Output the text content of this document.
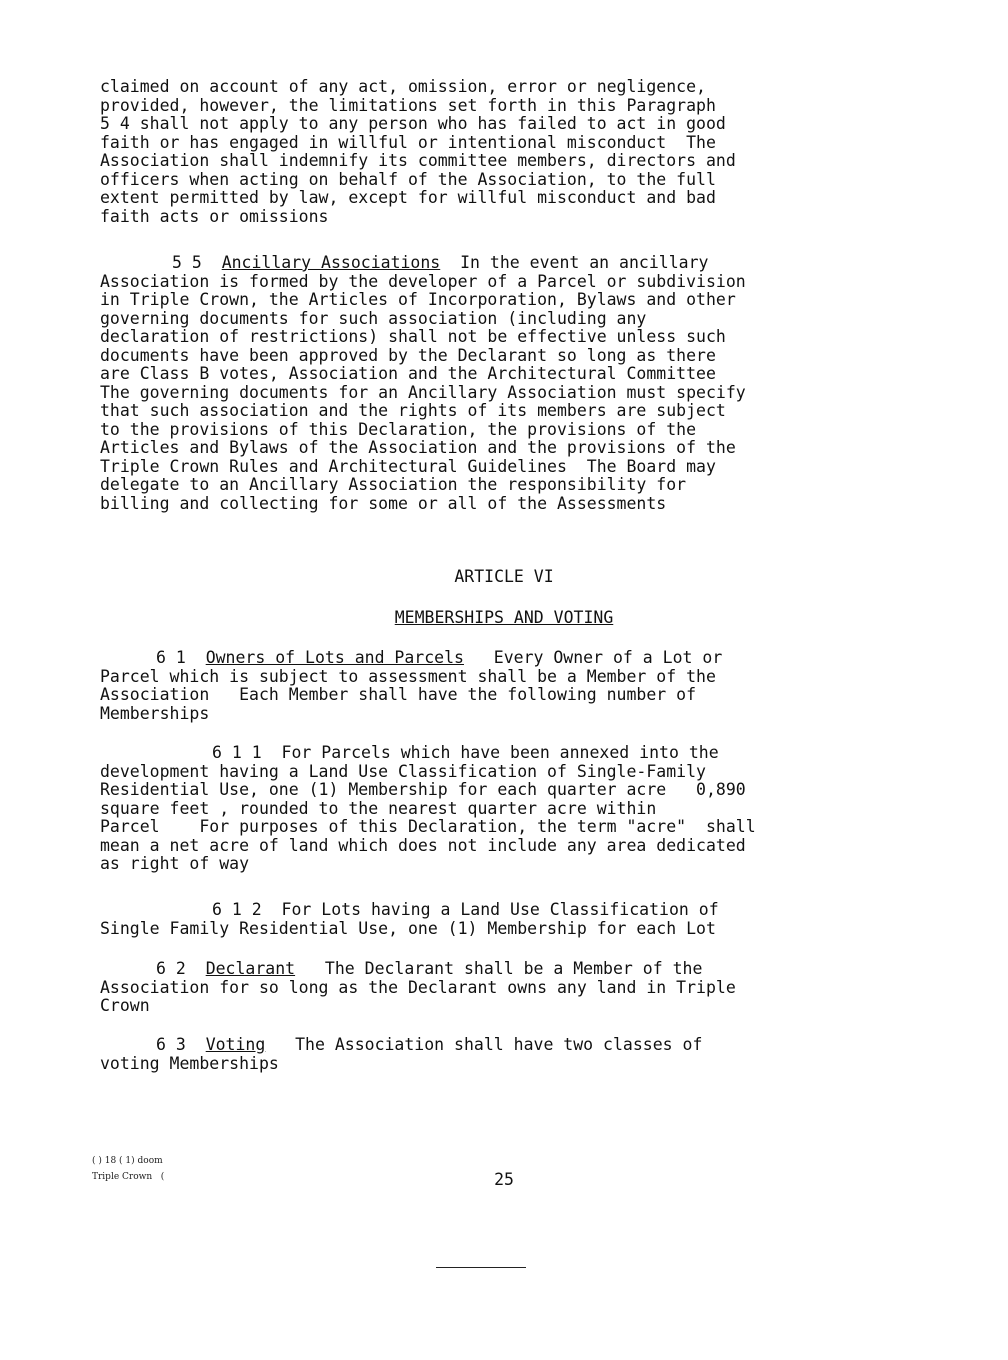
claimed on account of any act, omission, error or negligence,
provided, however, the limitations set forth in this Paragraph
5 4 shall not apply to any person who has failed to act in good
faith or has engaged in willful or intentional misconduct  The
Association shall indemnify its committee members, directors and
officers when acting on behalf of the Association, to the full
extent permitted by law, except for willful misconduct and bad
faith acts or omissions
5 5 Ancillary Associations  In the event an ancillary
Association is formed by the developer of a Parcel or subdivision
in Triple Crown, the Articles of Incorporation, Bylaws and other
governing documents for such association (including any
declaration of restrictions) shall not be effective unless such
documents have been approved by the Declarant so long as there
are Class B votes, Association and the Architectural Committee
The governing documents for an Ancillary Association must specify
that such association and the rights of its members are subject
to the provisions of this Declaration, the provisions of the
Articles and Bylaws of the Association and the provisions of the
Triple Crown Rules and Architectural Guidelines  The Board may
delegate to an Ancillary Association the responsibility for
billing and collecting for some or all of the Assessments
ARTICLE VI
MEMBERSHIPS AND VOTING
6 1 Owners of Lots and Parcels   Every Owner of a Lot or
Parcel which is subject to assessment shall be a Member of the
Association   Each Member shall have the following number of
Memberships
6 1 1  For Parcels which have been annexed into the
development having a Land Use Classification of Single-Family
Residential Use, one (1) Membership for each quarter acre   0,890
square feet , rounded to the nearest quarter acre within
Parcel    For purposes of this Declaration, the term "acre"  shall
mean a net acre of land which does not include any area dedicated
as right of way
6 1 2  For Lots having a Land Use Classification of
Single Family Residential Use, one (1) Membership for each Lot
6 2 Declarant   The Declarant shall be a Member of the
Association for so long as the Declarant owns any land in Triple
Crown
6 3 Voting   The Association shall have two classes of
voting Memberships
( ) 18 ( 1) doom
Triple Crown   (	25
